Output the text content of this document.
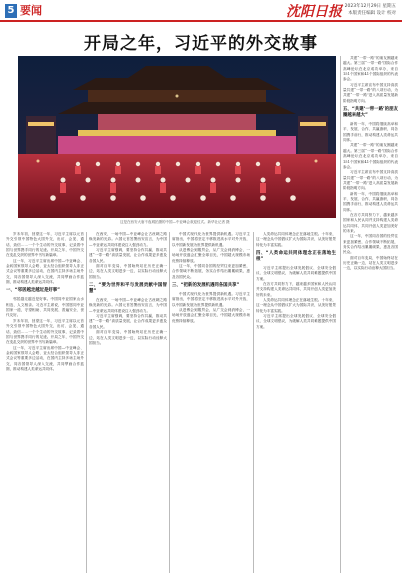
5 要闻	沈阳日报 2023年12月29日 星期五
本版责任编辑 设计 校对
开局之年，习近平的外交故事
这是在西安大唐不夜城拍摄的中国—中亚峰会欢迎仪式。新华社记者 摄

岁末年初，回望这一年，习近平主席以元首外交引领中国特色大国外交，出访、会见、通话、致信……一个个生动的外交故事，记录着中国与世界携手同行的足迹。开局之年，中国外交在变乱交织的世界中书写新篇章。

这一年，习近平主席出席中国—中亚峰会、金砖国家领导人会晤、亚太经合组织领导人非正式会议等重要多边活动，在国内主持多场主场外交，同各国领导人深入交流，共同擘画合作蓝图，推动构建人类命运共同体。

一、“邻居越走越近是好事”

邻居越走越近是好事。中国同中亚国家山水相连、人文相亲。习近平主席说，中国愿同中亚国家一道，守望相助、共同发展、普遍安全、世代友好。

岁末年初，回望这一年，习近平主席以元首外交引领中国特色大国外交，出访、会见、通话、致信……一个个生动的外交故事，记录着中国与世界携手同行的足迹。开局之年，中国外交在变乱交织的世界中书写新篇章。

这一年，习近平主席出席中国—中亚峰会、金砖国家领导人会晤、亚太经合组织领导人非正式会议等重要多边活动，在国内主持多场主场外交，同各国领导人深入交流，共同擘画合作蓝图，推动构建人类命运共同体。

在西安，一场中国—中亚峰会让古丝绸之路焕发新的光彩。六国元首签署西安宣言，为中国—中亚命运共同体建设注入强劲动力。

习近平主席强调，要坚持合作共赢，推动共建“一带一路”高质量发展，让合作成果更多惠及各国人民。

面对百年变局，中国始终站在历史正确一边，站在人类文明进步一边，以实际行动诠释大国担当。

二、“要为世界和平与发展贡献中国智慧”

在西安，一场中国—中亚峰会让古丝绸之路焕发新的光彩。六国元首签署西安宣言，为中国—中亚命运共同体建设注入强劲动力。

习近平主席强调，要坚持合作共赢，推动共建“一带一路”高质量发展，让合作成果更多惠及各国人民。

面对百年变局，中国始终站在历史正确一边，站在人类文明进步一边，以实际行动诠释大国担当。

中国式现代化为世界提供新机遇。习近平主席指出，中国将坚定不移推进高水平对外开放，以中国新发展为世界提供新机遇。

从进博会到服贸会，从广交会到消博会，一场场开放盛会汇聚全球目光，中国超大规模市场优势持续释放。

这一年，中国同各国的经贸往来更加紧密，合作领域不断拓展，务实合作结出累累硕果，惠及各国民众。

三、“把新的发展机遇同各国共享”

中国式现代化为世界提供新机遇。习近平主席指出，中国将坚定不移推进高水平对外开放，以中国新发展为世界提供新机遇。

从进博会到服贸会，从广交会到消博会，一场场开放盛会汇聚全球目光，中国超大规模市场优势持续释放。

人类命运共同体理念正在落地生根。十年来，这一理念从中国倡议扩大为国际共识，从美好愿景转化为丰富实践。

四、“人类命运共同体理念正在落地生根”

习近平主席提出全球发展倡议、全球安全倡议、全球文明倡议，为破解人类共同难题提供中国方案。

在各方共同努力下，越来越多国家和人民认同并支持构建人类命运共同体，共同开创人类更加美好的未来。

人类命运共同体理念正在落地生根。十年来，这一理念从中国倡议扩大为国际共识，从美好愿景转化为丰富实践。

习近平主席提出全球发展倡议、全球安全倡议、全球文明倡议，为破解人类共同难题提供中国方案。

共建“一带一路”的朋友圈越来越大。第三届“一带一路”国际合作高峰论坛在北京成功举办，来自151个国家和41个国际组织的代表参会。

习近平主席宣布中国支持高质量共建“一带一路”的八项行动，为共建“一带一路”进入高质量发展新阶段指明方向。

五、“共建‘一带一路’的朋友圈越来越大”

新的一年，中国将继续高举和平、发展、合作、共赢旗帜，同各国携手前行，推动构建人类命运共同体。

共建“一带一路”的朋友圈越来越大。第三届“一带一路”国际合作高峰论坛在北京成功举办，来自151个国家和41个国际组织的代表参会。

习近平主席宣布中国支持高质量共建“一带一路”的八项行动，为共建“一带一路”进入高质量发展新阶段指明方向。

新的一年，中国将继续高举和平、发展、合作、共赢旗帜，同各国携手前行，推动构建人类命运共同体。

在各方共同努力下，越来越多国家和人民认同并支持构建人类命运共同体，共同开创人类更加美好的未来。

这一年，中国同各国的经贸往来更加紧密，合作领域不断拓展，务实合作结出累累硕果，惠及各国民众。

面对百年变局，中国始终站在历史正确一边，站在人类文明进步一边，以实际行动诠释大国担当。
